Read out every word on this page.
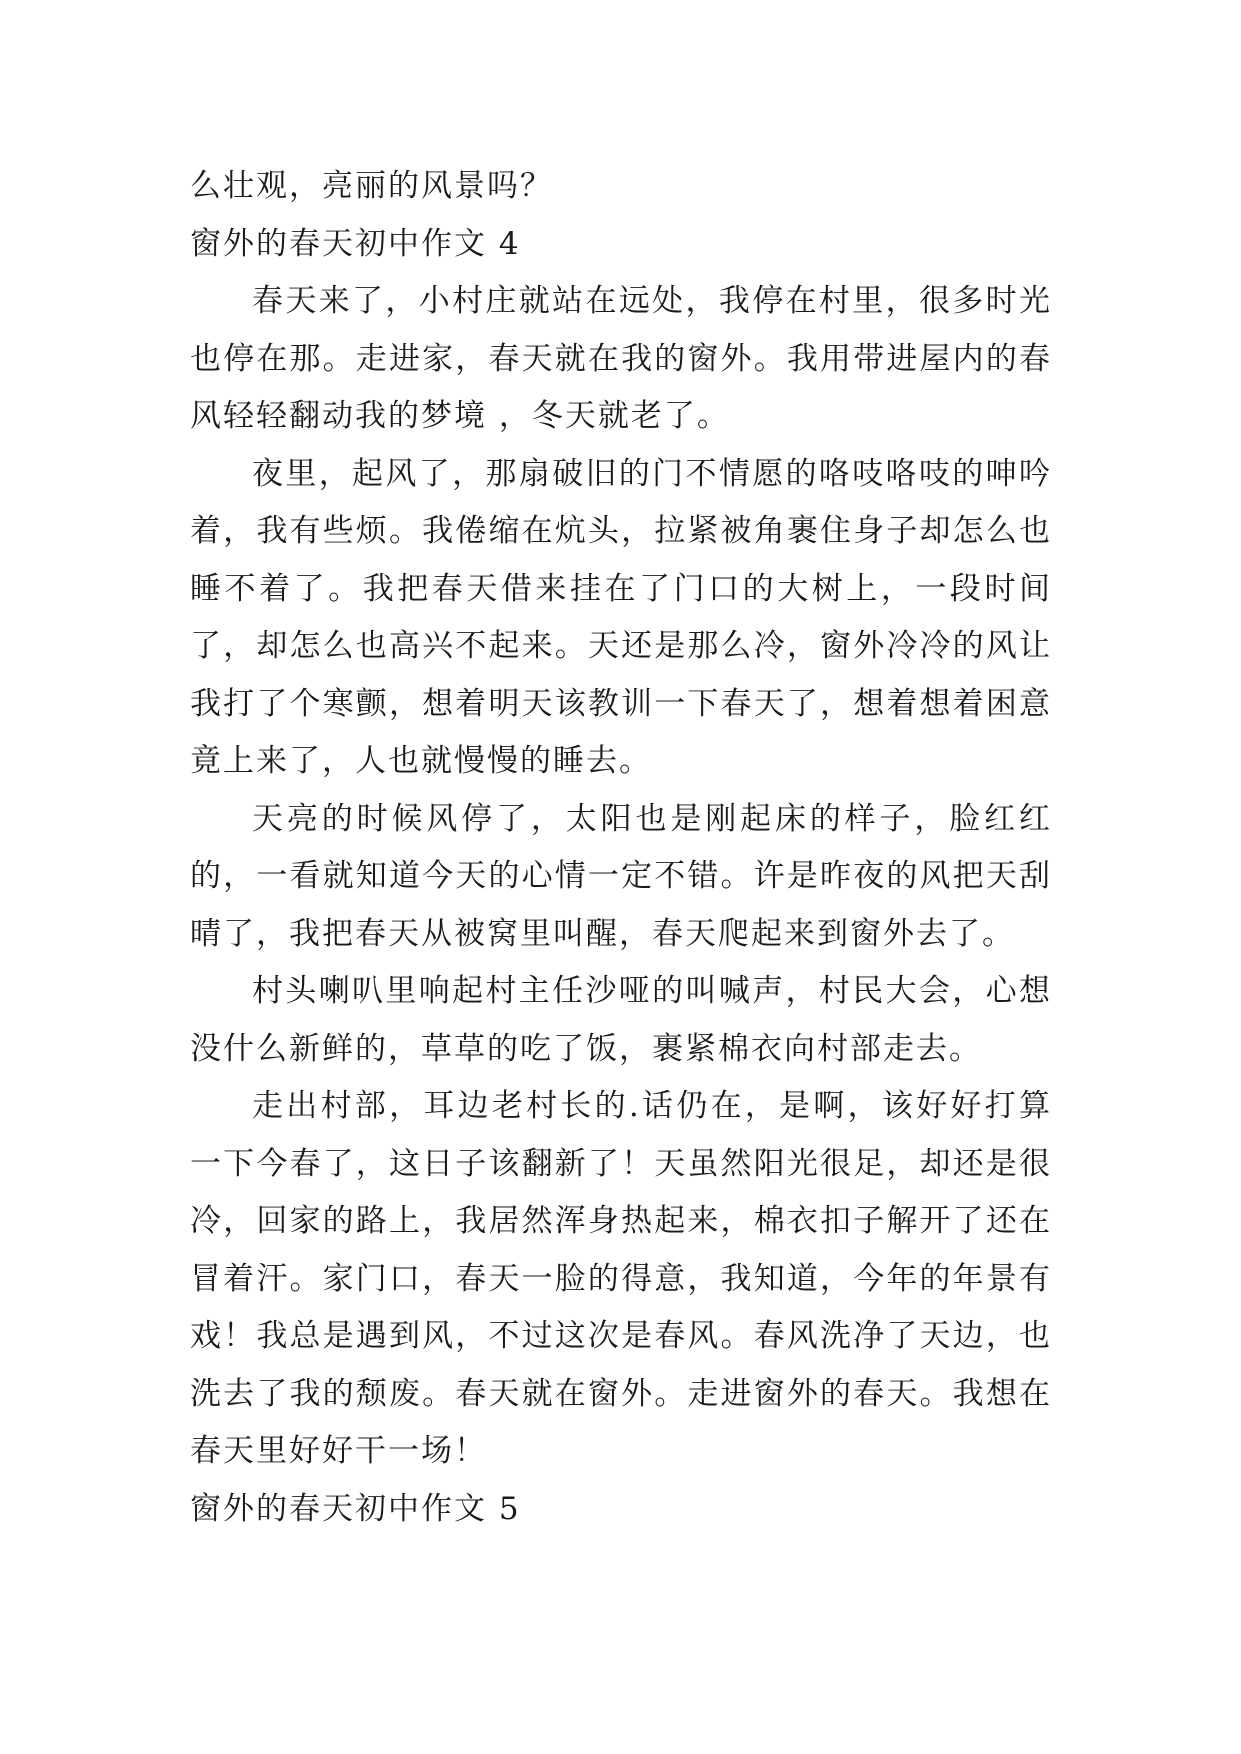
么壮观，亮丽的风景吗？

窗外的春天初中作文 4

春天来了，小村庄就站在远处，我停在村里，很多时光也停在那。走进家，春天就在我的窗外。我用带进屋内的春风轻轻翻动我的梦境 ，冬天就老了。

夜里，起风了，那扇破旧的门不情愿的咯吱咯吱的呻吟着，我有些烦。我倦缩在炕头，拉紧被角裹住身子却怎么也睡不着了。我把春天借来挂在了门口的大树上，一段时间了，却怎么也高兴不起来。天还是那么冷，窗外冷冷的风让我打了个寒颤，想着明天该教训一下春天了，想着想着困意竟上来了，人也就慢慢的睡去。

天亮的时候风停了，太阳也是刚起床的样子，脸红红的，一看就知道今天的心情一定不错。许是昨夜的风把天刮晴了，我把春天从被窝里叫醒，春天爬起来到窗外去了。

村头喇叭里响起村主任沙哑的叫喊声，村民大会，心想没什么新鲜的，草草的吃了饭，裹紧棉衣向村部走去。

走出村部，耳边老村长的.话仍在，是啊，该好好打算一下今春了，这日子该翻新了！天虽然阳光很足，却还是很冷，回家的路上，我居然浑身热起来，棉衣扣子解开了还在冒着汗。家门口，春天一脸的得意，我知道，今年的年景有戏！我总是遇到风，不过这次是春风。春风洗净了天边，也洗去了我的颓废。春天就在窗外。走进窗外的春天。我想在春天里好好干一场！

窗外的春天初中作文 5
